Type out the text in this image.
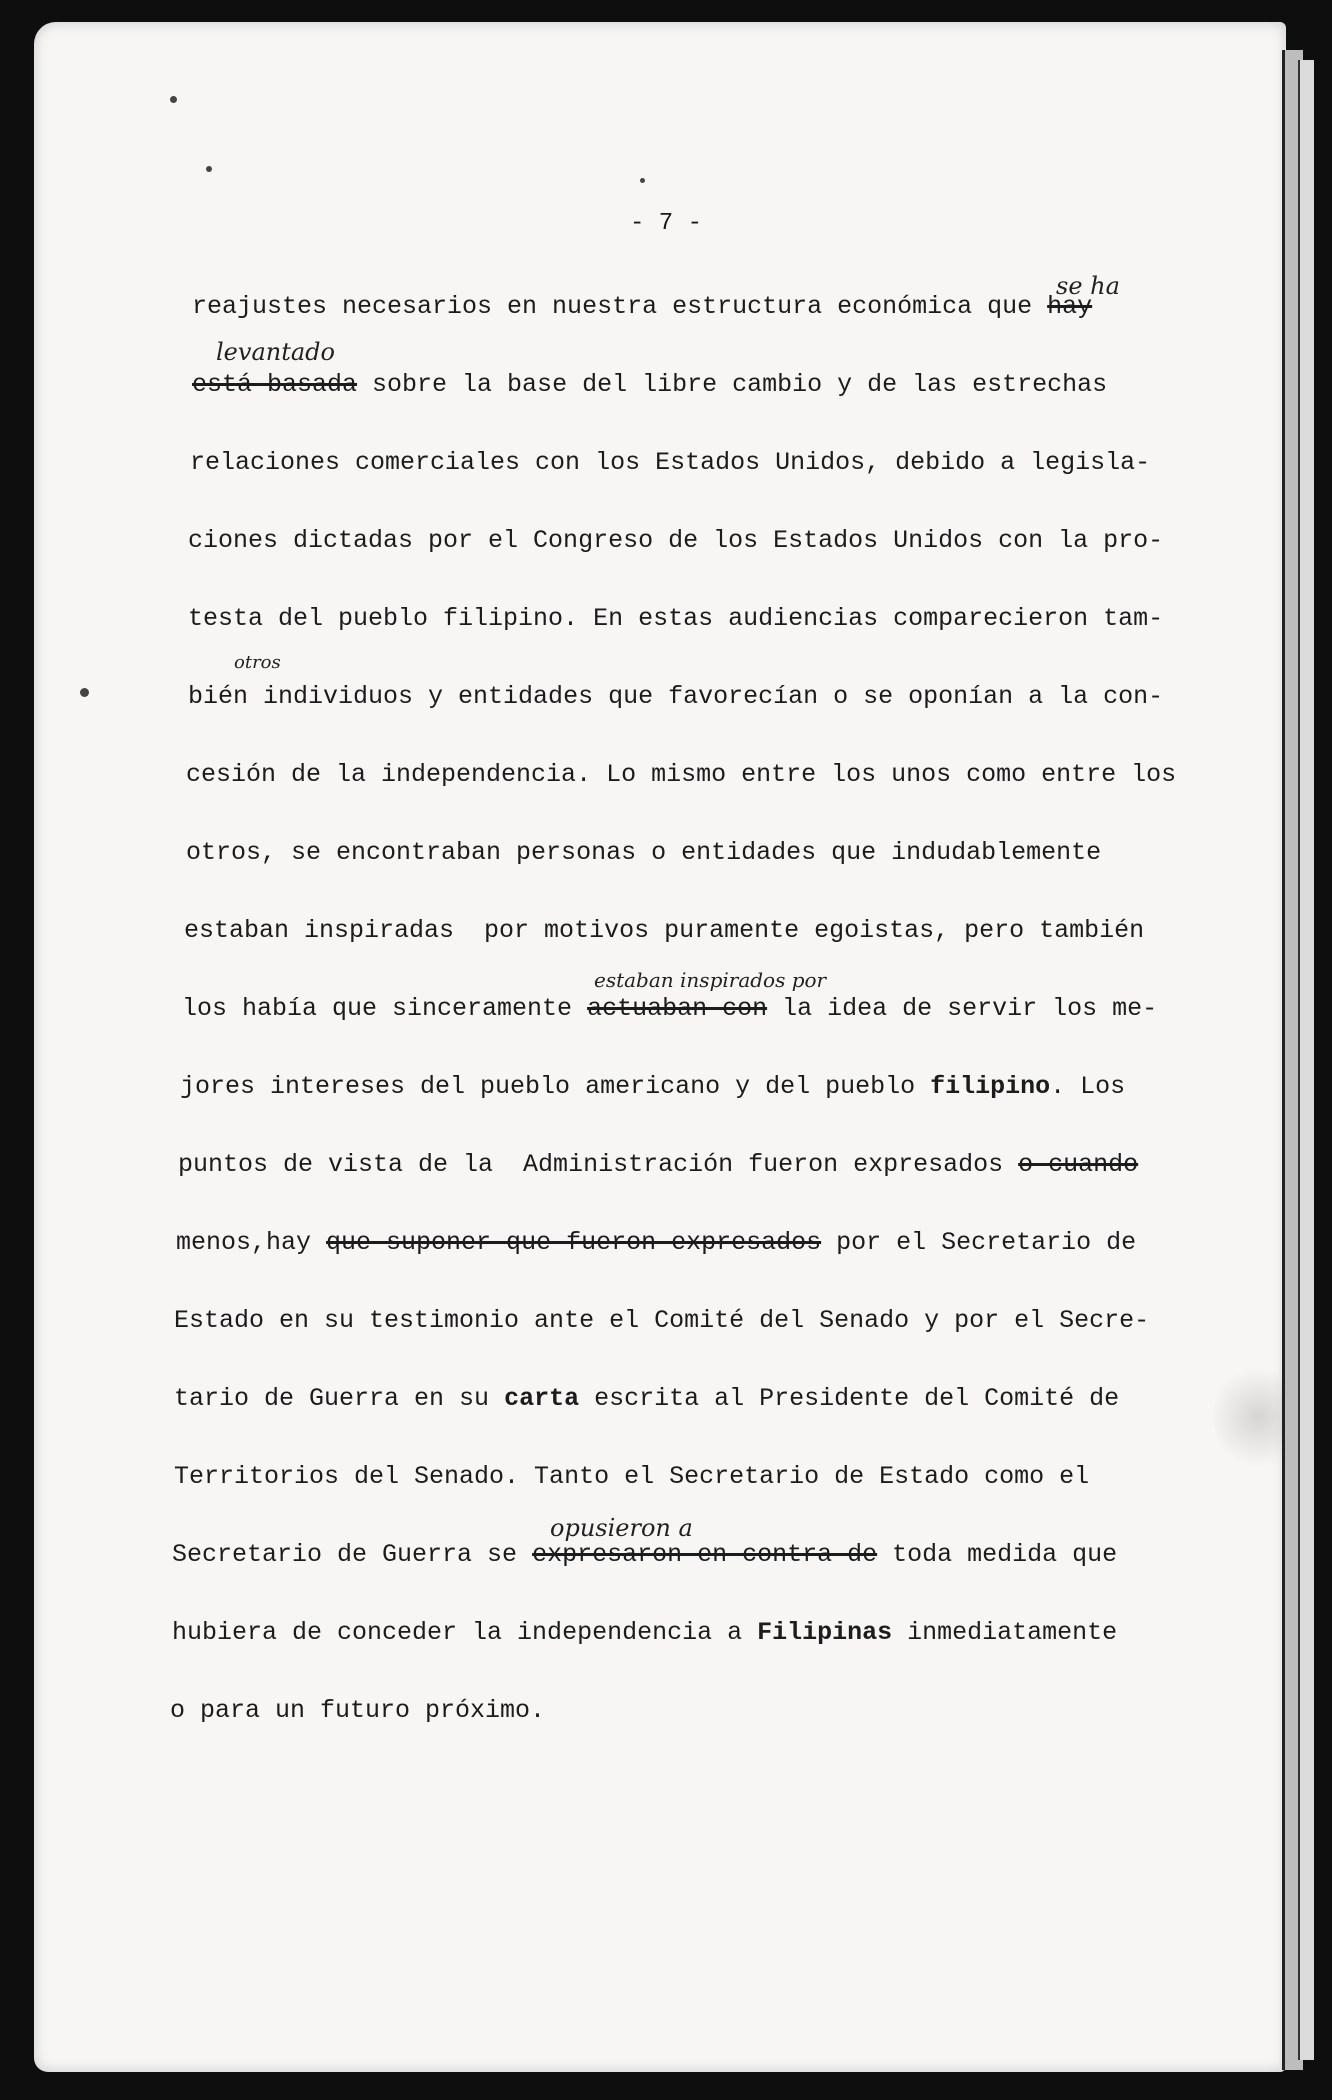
- 7 -
reajustes necesarios en nuestra estructura económica que hay
está basada sobre la base del libre cambio y de las estrechas
relaciones comerciales con los Estados Unidos, debido a legisla-
ciones dictadas por el Congreso de los Estados Unidos con la pro-
testa del pueblo filipino. En estas audiencias comparecieron tam-
bién individuos y entidades que favorecían o se oponían a la con-
cesión de la independencia. Lo mismo entre los unos como entre los
otros, se encontraban personas o entidades que indudablemente
estaban inspiradas  por motivos puramente egoistas, pero también
los había que sinceramente actuaban con la idea de servir los me-
jores intereses del pueblo americano y del pueblo filipino. Los
puntos de vista de la  Administración fueron expresados o cuando
menos,hay que suponer que fueron expresados por el Secretario de
Estado en su testimonio ante el Comité del Senado y por el Secre-
tario de Guerra en su carta escrita al Presidente del Comité de
Territorios del Senado. Tanto el Secretario de Estado como el
Secretario de Guerra se expresaron en contra de toda medida que
hubiera de conceder la independencia a Filipinas inmediatamente
o para un futuro próximo.
se ha
levantado
otros
estaban inspirados por
opusieron a
